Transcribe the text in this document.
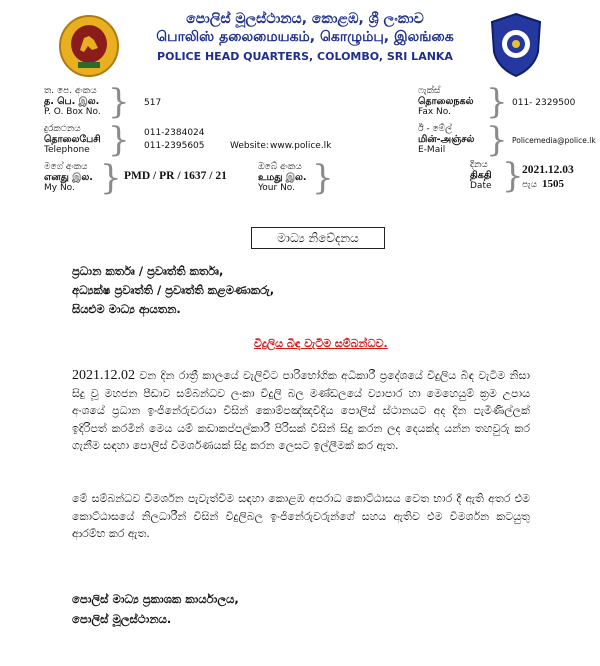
පොලිස් මූලස්ථානය, කොළඹ, ශ්‍රී ලංකාව
பொலிஸ் தலைமையகம், கொழும்பு, இலங்கை
POLICE HEAD QUARTERS, COLOMBO, SRI LANKA
ත. පෙ. අංකය
த. பெ. இல.
P. O. Box No. } 517
ෆැක්ස්
தொலைநகல்
Fax No.	} 011- 2329500
දුරකථනය
தொலைபேசி
Telephone } 011-2384024
011-2395605	Website: www.police.lk
ඊ - මේල්
மின்-அஞ்சல்
E-Mail	} Policemedia@police.lk
මගේ අංකය
எனது இல.
My No. } PMD / PR / 1637 / 21
ඔබේ අංකය
உமது இல.
Your No. }	දිනය
திகதி
Date }
2021.12.03
පැය 1505
මාධ්‍ය නිවේදනය
ප්‍රධාන කර්තෘ / ප්‍රවෘත්ති කර්තෘ,
අධ්‍යක්ෂ ප්‍රවෘත්ති / ප්‍රවෘත්ති කළමණාකරු,
සියළුම මාධ්‍ය ආයතන.
විදුලිය බිඳ වැටීම සම්බන්ධව.
2021.12.02 වන දින රාත්‍රී කාලයේ වැලිවිට පාරිභෝගික අධිකාරී ප්‍රදේශයේ විදුලිය බිඳ වැටීම නිසා සිදු වූ මහජන පීඩාව සම්බන්ධව ලංකා විදුලි බල මණ්ඩලයේ ව්‍යාපාර හා මෙහෙයුම් ක්‍රම උපාය අංශයේ ප්‍රධාන ඉංජිනේරුවරයා විසින් කොම්පඤ්ඤවීදිය පොලිස් ස්ථානයට අද දින පැමිණිල්ලක් ඉදිරිපත් කරමින් මෙය යම් කඩාකප්පල්කාරී පිරිසක් විසින් සිදු කරන ලද දෙයක්ද යන්න තහවුරු කර ගැනීම සඳහා පොලිස් විමර්ශණයක් සිදු කරන ලෙසට ඉල්ලීමක් කර ඇත.
මේ සම්බන්ධව විමර්ශන පැවැත්වීම සඳහා කොළඹ අපරාධ කොට්ඨාසය වෙත භාර දී ඇති අතර එම කොට්ඨාසයේ නිලධාරීන් විසින් විදුලිබල ඉංජිනේරුවරුන්ගේ සහය ඇතිව එම විමර්ශන කටයුතු ආරම්භ කර ඇත.
පොලිස් මාධ්‍ය ප්‍රකාශක කාර්යාලය,
පොලිස් මූලස්ථානය.
